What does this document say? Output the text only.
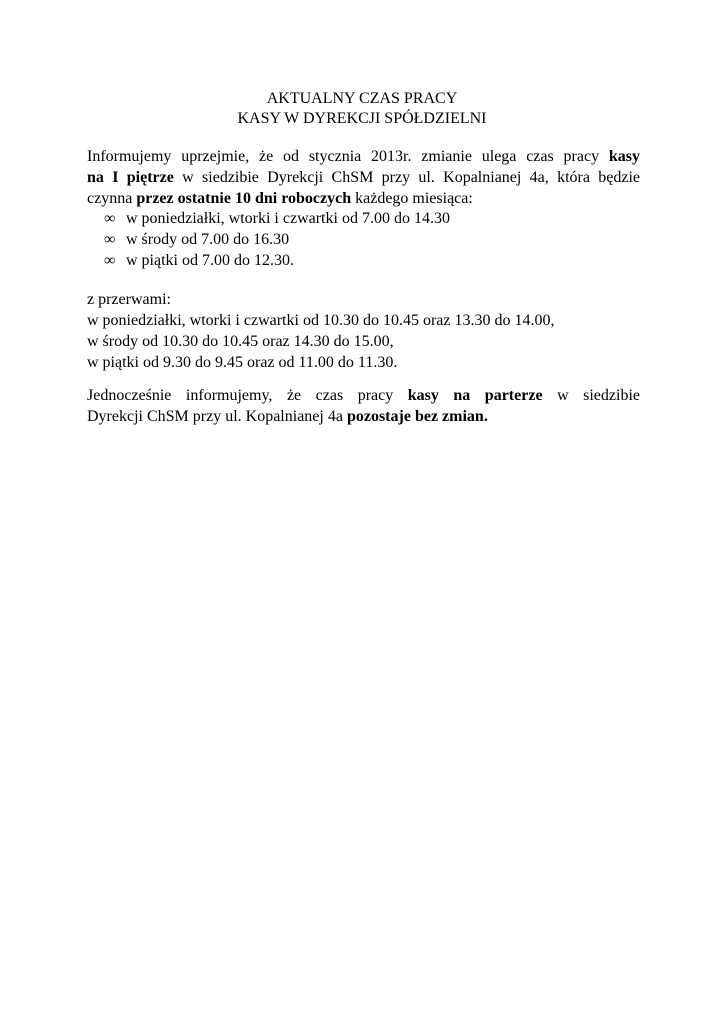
AKTUALNY CZAS PRACY
KASY W DYREKCJI SPÓŁDZIELNI
Informujemy uprzejmie, że od stycznia 2013r. zmianie ulega czas pracy kasy
na I piętrze w siedzibie Dyrekcji ChSM przy ul. Kopalnianej 4a, która będzie
czynna przez ostatnie 10 dni roboczych każdego miesiąca:
∞ w poniedziałki, wtorki i czwartki od 7.00 do 14.30
∞ w środy od 7.00 do 16.30
∞ w piątki od 7.00 do 12.30.
z przerwami:
w poniedziałki, wtorki i czwartki od 10.30 do 10.45 oraz 13.30 do 14.00,
w środy od 10.30 do 10.45 oraz 14.30 do 15.00,
w piątki od 9.30 do 9.45 oraz od 11.00 do 11.30.
Jednocześnie informujemy, że czas pracy kasy na parterze w siedzibie
Dyrekcji ChSM przy ul. Kopalnianej 4a pozostaje bez zmian.
